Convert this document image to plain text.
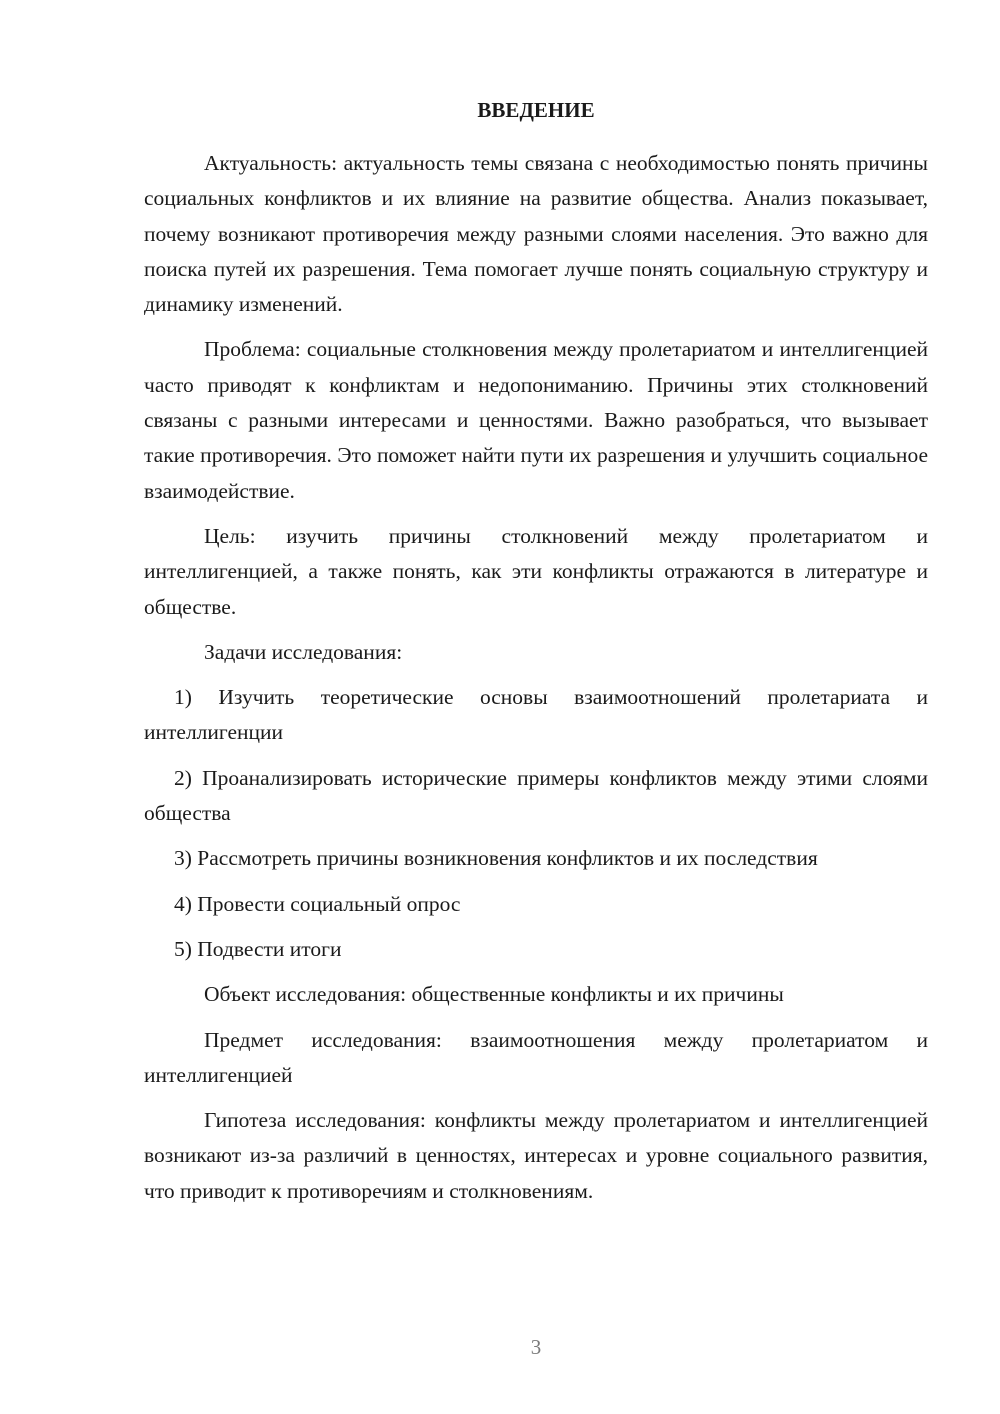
ВВЕДЕНИЕ

Актуальность: актуальность темы связана с необходимостью понять причины социальных конфликтов и их влияние на развитие общества. Анализ показывает, почему возникают противоречия между разными слоями населения. Это важно для поиска путей их разрешения. Тема помогает лучше понять социальную структуру и динамику изменений.

Проблема: социальные столкновения между пролетариатом и интеллигенцией часто приводят к конфликтам и недопониманию. Причины этих столкновений связаны с разными интересами и ценностями. Важно разобраться, что вызывает такие противоречия. Это поможет найти пути их разрешения и улучшить социальное взаимодействие.

Цель: изучить причины столкновений между пролетариатом и интеллигенцией, а также понять, как эти конфликты отражаются в литературе и обществе.

Задачи исследования:

1) Изучить теоретические основы взаимоотношений пролетариата и интеллигенции

2) Проанализировать исторические примеры конфликтов между этими слоями общества

3) Рассмотреть причины возникновения конфликтов и их последствия

4) Провести социальный опрос

5) Подвести итоги

Объект исследования: общественные конфликты и их причины

Предмет исследования: взаимоотношения между пролетариатом и интеллигенцией

Гипотеза исследования: конфликты между пролетариатом и интеллигенцией возникают из-за различий в ценностях, интересах и уровне социального развития, что приводит к противоречиям и столкновениям.

3
